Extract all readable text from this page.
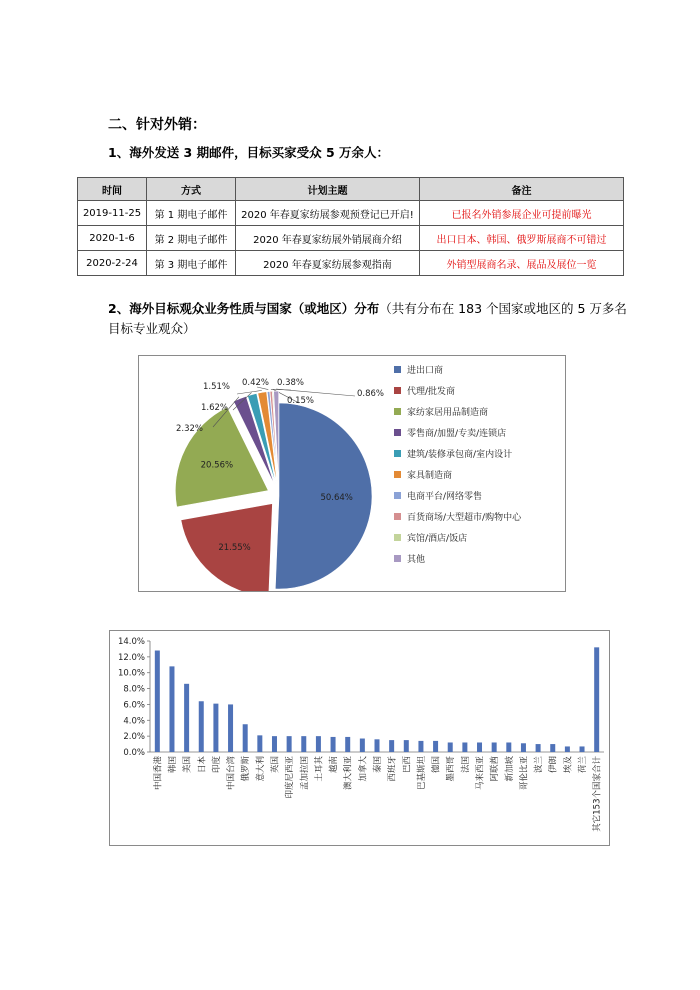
二、针对外销：
1、海外发送 3 期邮件，目标买家受众 5 万余人：
时间	方式	计划主题	备注
2019-11-25	第 1 期电子邮件	2020 年春夏家纺展参观预登记已开启!	已报名外销参展企业可提前曝光
2020-1-6	第 2 期电子邮件	2020 年春夏家纺展外销展商介绍	出口日本、韩国、俄罗斯展商不可错过
2020-2-24	第 3 期电子邮件	2020 年春夏家纺展参观指南	外销型展商名录、展品及展位一览
2、海外目标观众业务性质与国家（或地区）分布（共有分布在 183 个国家或地区的 5 万多名目标专业观众）
50.64%
21.55%
20.56%
2.32%
1.62%
1.51% 0.42% 0.38%
0.15%
0.86%
进出口商
代理/批发商
家纺家居用品制造商
零售商/加盟/专卖/连锁店
建筑/装修承包商/室内设计
家具制造商
电商平台/网络零售
百货商场/大型超市/购物中心
宾馆/酒店/饭店
其他
0.0%
2.0%
4.0%
6.0%
8.0%
10.0%
12.0%
14.0%
中国香港 韩国 美国 日本 印度 中国台湾 俄罗斯 意大利 英国 印度尼西亚 孟加拉国 土耳其 越南 澳大利亚 加拿大 泰国 西班牙 巴西 巴基斯坦 德国 墨西哥 法国 马来西亚 阿联酋 新加坡 哥伦比亚 波兰 伊朗 埃及 荷兰 其它153个国家合计
